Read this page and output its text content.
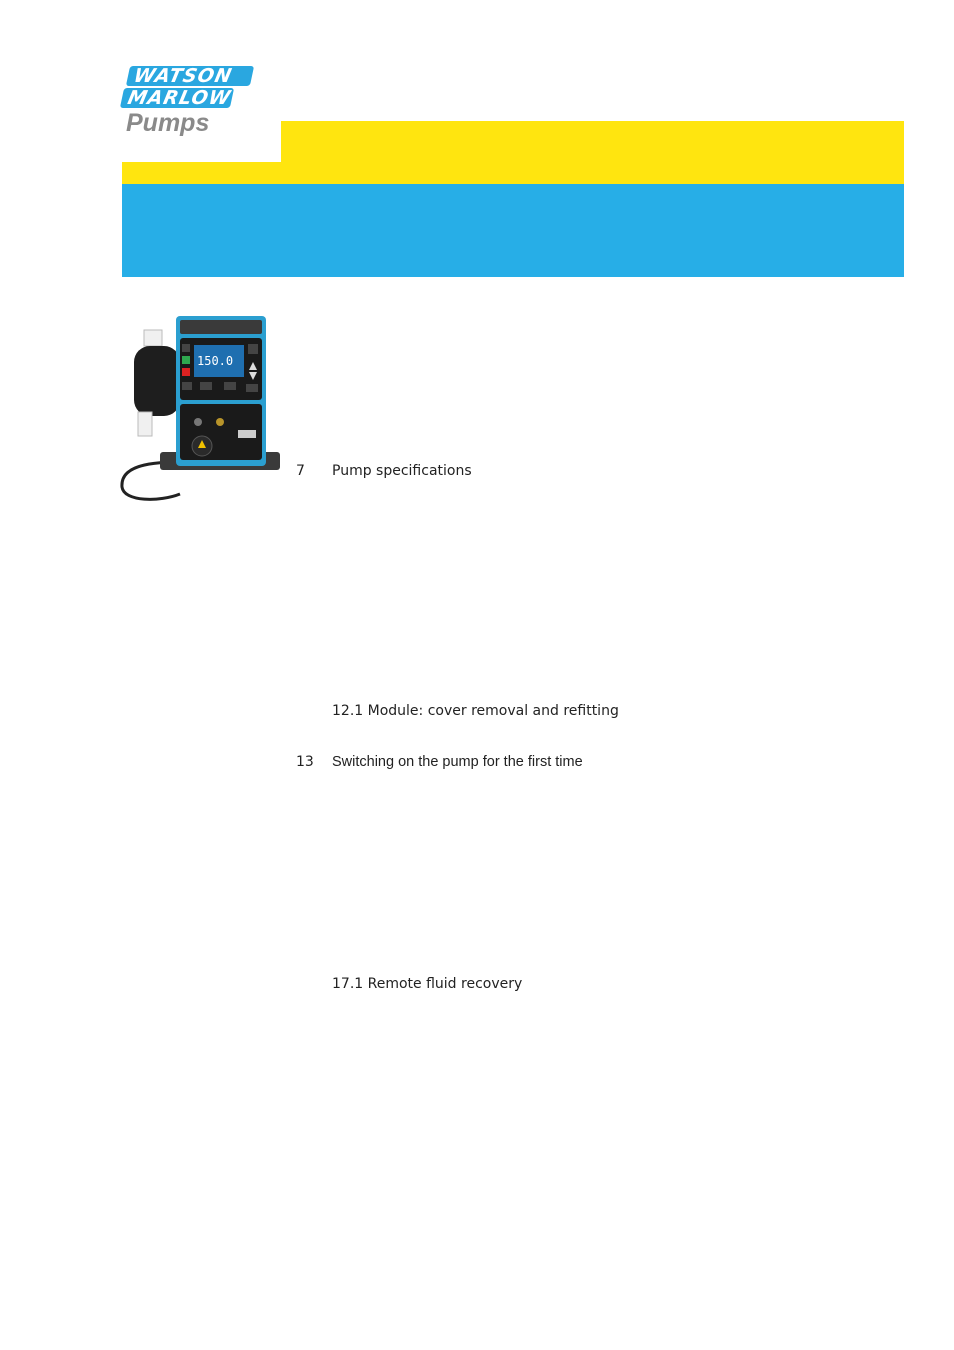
WATSON
MARLOW
Pumps
150.0
7 Pump specifications
12.1 Module: cover removal and refitting
13 Switching on the pump for the first time
17.1 Remote fluid recovery
